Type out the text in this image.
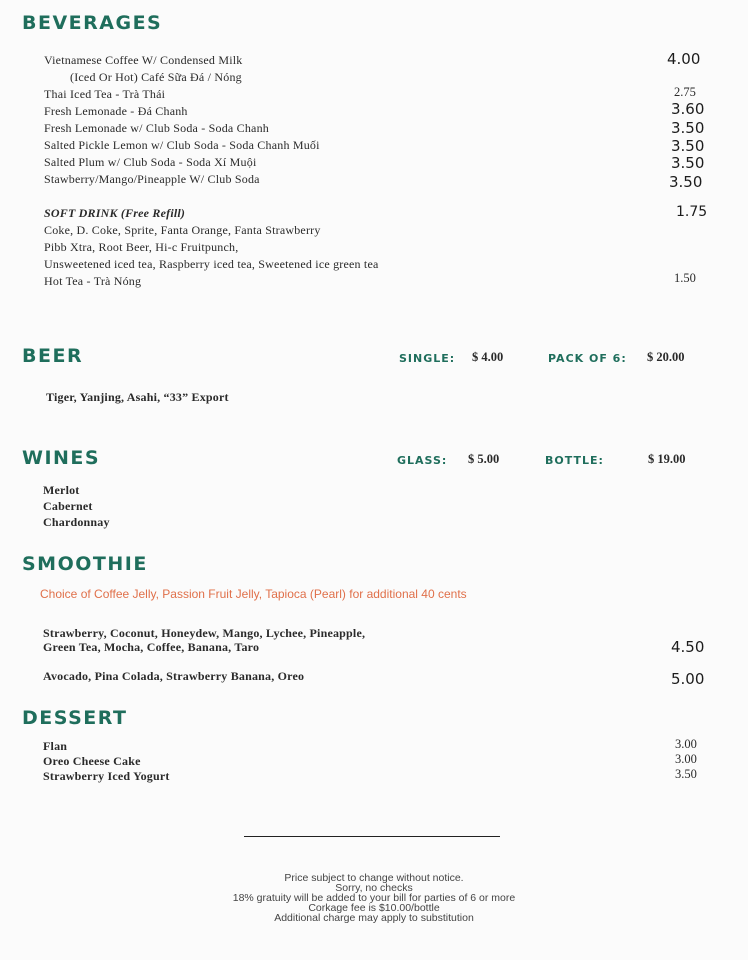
BEVERAGES
Vietnamese Coffee W/ Condensed Milk	4.00
(Iced Or Hot) Café Sữa Đá / Nóng
Thai Iced Tea - Trà Thái	2.75
Fresh Lemonade - Đá Chanh	3.60
Fresh Lemonade w/ Club Soda - Soda Chanh	3.50
Salted Pickle Lemon w/ Club Soda - Soda Chanh Muối	3.50
Salted Plum w/ Club Soda - Soda Xí Muội	3.50
Stawberry/Mango/Pineapple W/ Club Soda	3.50
SOFT DRINK (Free Refill)	1.75
Coke, D. Coke, Sprite, Fanta Orange, Fanta Strawberry
Pibb Xtra, Root Beer, Hi-c Fruitpunch,
Unsweetened iced tea, Raspberry iced tea, Sweetened ice green tea
Hot Tea - Trà Nóng	1.50
BEER	SINGLE: $ 4.00	PACK OF 6: $ 20.00
Tiger, Yanjing, Asahi, “33” Export
WINES	GLASS: $ 5.00	BOTTLE:	$ 19.00
Merlot
Cabernet
Chardonnay
SMOOTHIE
Choice of Coffee Jelly, Passion Fruit Jelly, Tapioca (Pearl) for additional 40 cents
Strawberry, Coconut, Honeydew, Mango, Lychee, Pineapple,
Green Tea, Mocha, Coffee, Banana, Taro	4.50
Avocado, Pina Colada, Strawberry Banana, Oreo	5.00
DESSERT
Flan	3.00
Oreo Cheese Cake	3.00
Strawberry Iced Yogurt	3.50
Price subject to change without notice.
Sorry, no checks
18% gratuity will be added to your bill for parties of 6 or more
Corkage fee is $10.00/bottle
Additional charge may apply to substitution
